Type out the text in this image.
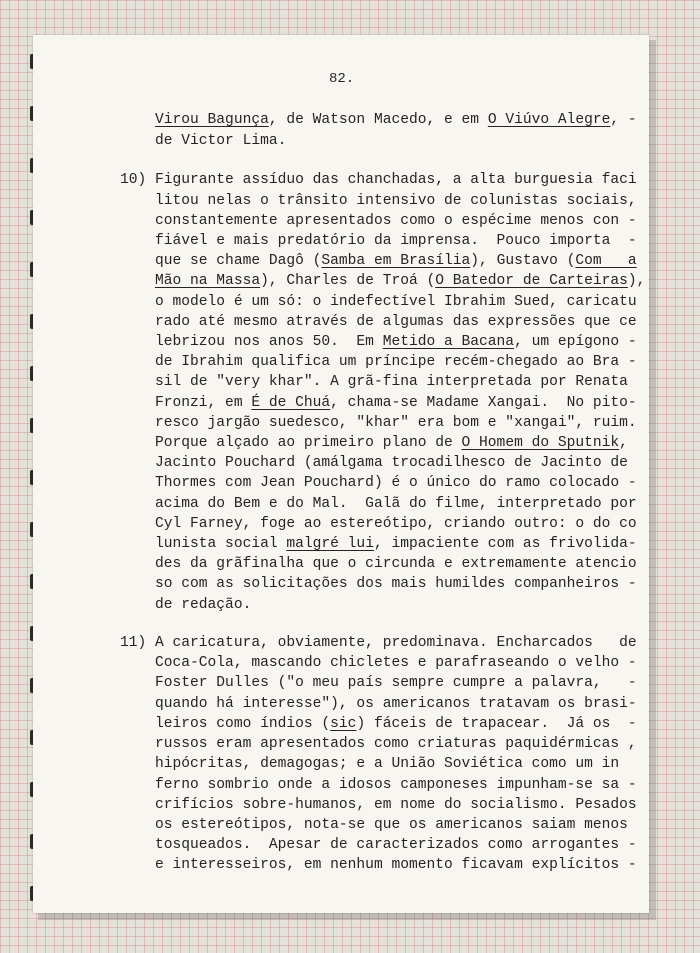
82.
Virou Bagunça, de Watson Macedo, e em O Viúvo Alegre, -
de Victor Lima.
10) Figurante assíduo das chanchadas, a alta burguesia faci
litou nelas o trânsito intensivo de colunistas sociais,
constantemente apresentados como o espécime menos con -
fiável e mais predatório da imprensa.  Pouco importa  -
que se chame Dagô (Samba em Brasília), Gustavo (Com   a
Mão na Massa), Charles de Troá (O Batedor de Carteiras),
o modelo é um só: o indefectível Ibrahim Sued, caricatu
rado até mesmo através de algumas das expressões que ce
lebrizou nos anos 50.  Em Metido a Bacana, um epígono -
de Ibrahim qualifica um príncipe recém-chegado ao Bra -
sil de "very khar". A grã-fina interpretada por Renata
Fronzi, em É de Chuá, chama-se Madame Xangai.  No pito-
resco jargão suedesco, "khar" era bom e "xangai", ruim.
Porque alçado ao primeiro plano de O Homem do Sputnik,
Jacinto Pouchard (amálgama trocadilhesco de Jacinto de
Thormes com Jean Pouchard) é o único do ramo colocado -
acima do Bem e do Mal.  Galã do filme, interpretado por
Cyl Farney, foge ao estereótipo, criando outro: o do co
lunista social malgré lui, impaciente com as frivolida-
des da grãfinalha que o circunda e extremamente atencio
so com as solicitações dos mais humildes companheiros -
de redação.
11) A caricatura, obviamente, predominava. Encharcados   de
Coca-Cola, mascando chicletes e parafraseando o velho -
Foster Dulles ("o meu país sempre cumpre a palavra,   -
quando há interesse"), os americanos tratavam os brasi-
leiros como índios (sic) fáceis de trapacear.  Já os  -
russos eram apresentados como criaturas paquidérmicas ,
hipócritas, demagogas; e a União Soviética como um in
ferno sombrio onde a idosos camponeses impunham-se sa -
crifícios sobre-humanos, em nome do socialismo. Pesados
os estereótipos, nota-se que os americanos saiam menos
tosqueados.  Apesar de caracterizados como arrogantes -
e interesseiros, em nenhum momento ficavam explícitos -
